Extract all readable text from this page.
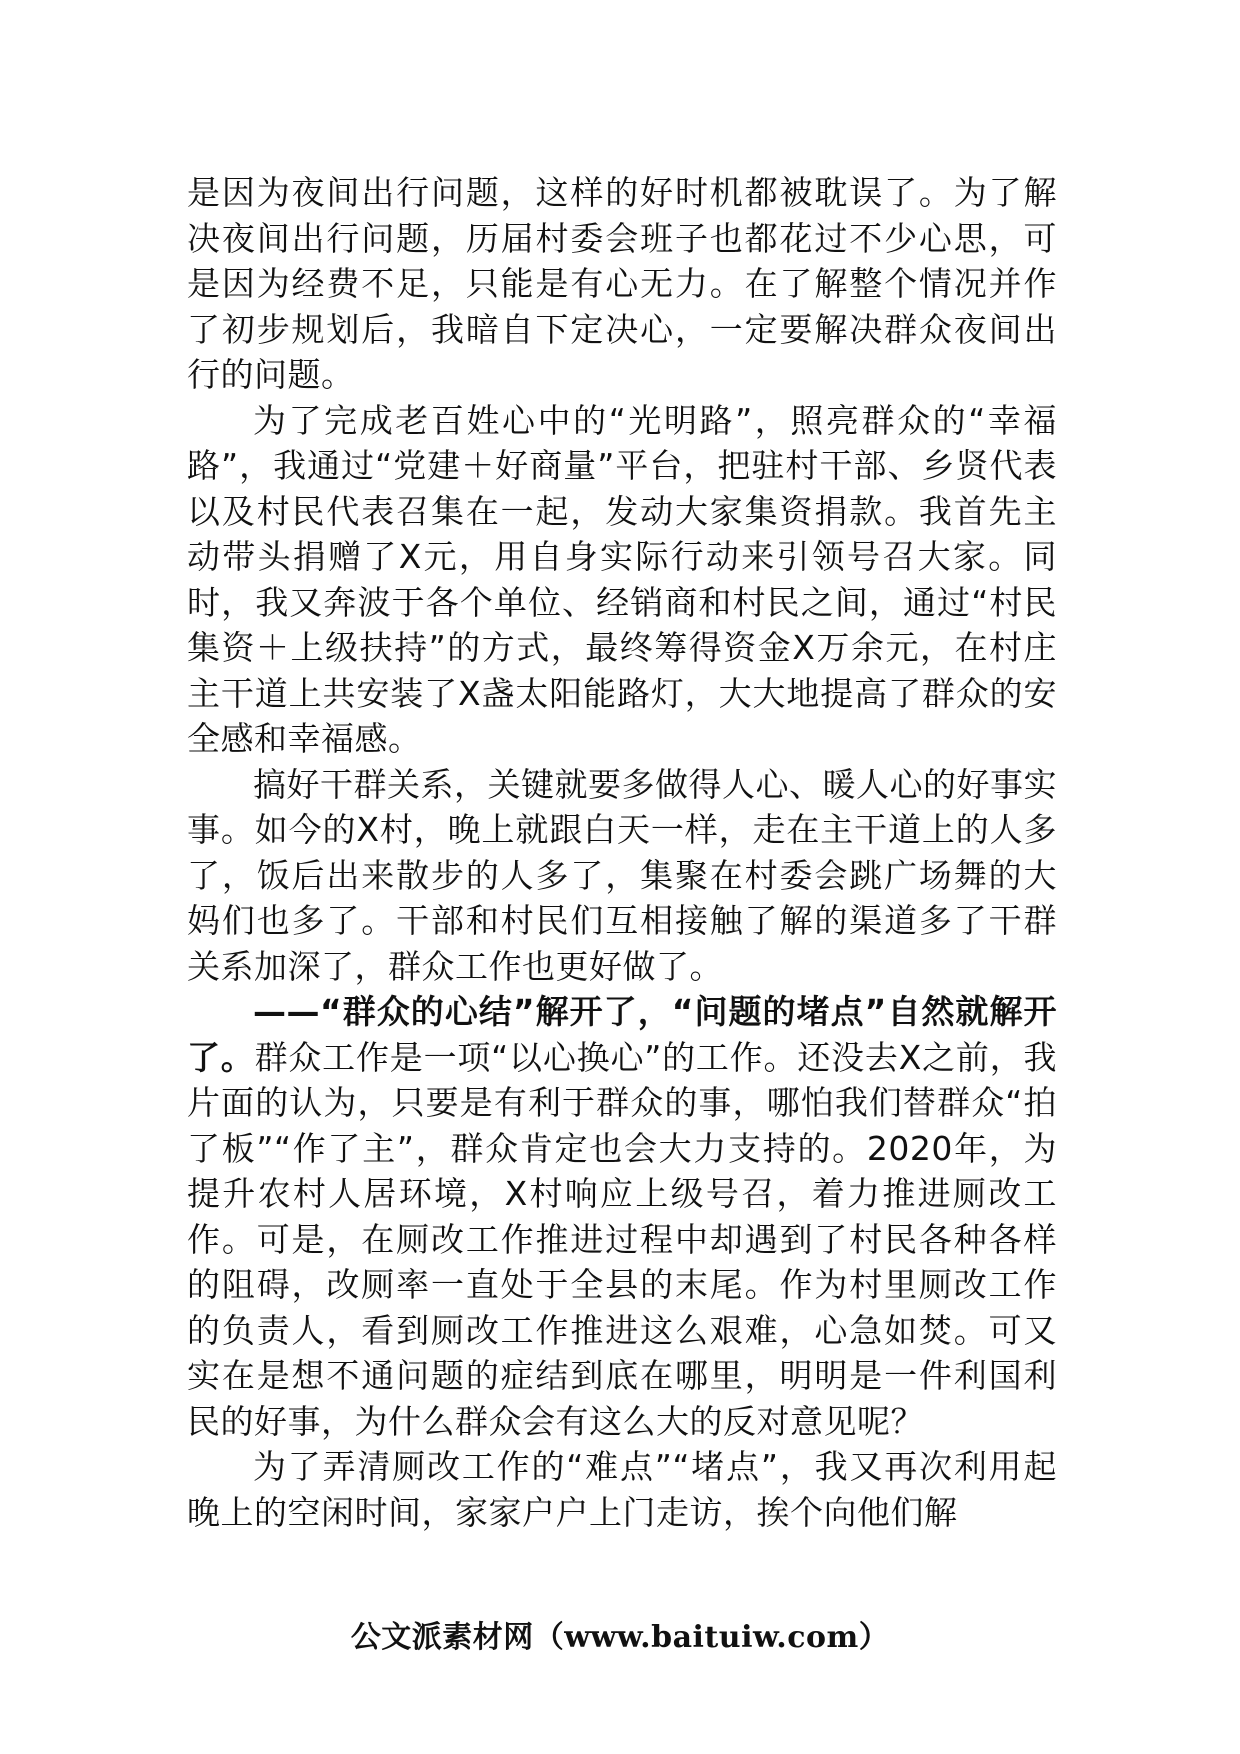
是因为夜间出行问题，这样的好时机都被耽误了。为了解决夜间出行问题，历届村委会班子也都花过不少心思，可是因为经费不足，只能是有心无力。在了解整个情况并作了初步规划后，我暗自下定决心，一定要解决群众夜间出行的问题。

为了完成老百姓心中的“光明路”，照亮群众的“幸福路”，我通过“党建＋好商量”平台，把驻村干部、乡贤代表以及村民代表召集在一起，发动大家集资捐款。我首先主动带头捐赠了X元，用自身实际行动来引领号召大家。同时，我又奔波于各个单位、经销商和村民之间，通过“村民集资＋上级扶持”的方式，最终筹得资金X万余元，在村庄主干道上共安装了X盏太阳能路灯，大大地提高了群众的安全感和幸福感。

搞好干群关系，关键就要多做得人心、暖人心的好事实事。如今的X村，晚上就跟白天一样，走在主干道上的人多了，饭后出来散步的人多了，集聚在村委会跳广场舞的大妈们也多了。干部和村民们互相接触了解的渠道多了干群关系加深了，群众工作也更好做了。

——“群众的心结”解开了，“问题的堵点”自然就解开了。群众工作是一项“以心换心”的工作。还没去X之前，我片面的认为，只要是有利于群众的事，哪怕我们替群众“拍了板”“作了主”，群众肯定也会大力支持的。2020年，为提升农村人居环境，X村响应上级号召，着力推进厕改工作。可是，在厕改工作推进过程中却遇到了村民各种各样的阻碍，改厕率一直处于全县的末尾。作为村里厕改工作的负责人，看到厕改工作推进这么艰难，心急如焚。可又实在是想不通问题的症结到底在哪里，明明是一件利国利民的好事，为什么群众会有这么大的反对意见呢？

为了弄清厕改工作的“难点”“堵点”，我又再次利用起晚上的空闲时间，家家户户上门走访，挨个向他们解

公文派素材网（www.baituiw.com）
